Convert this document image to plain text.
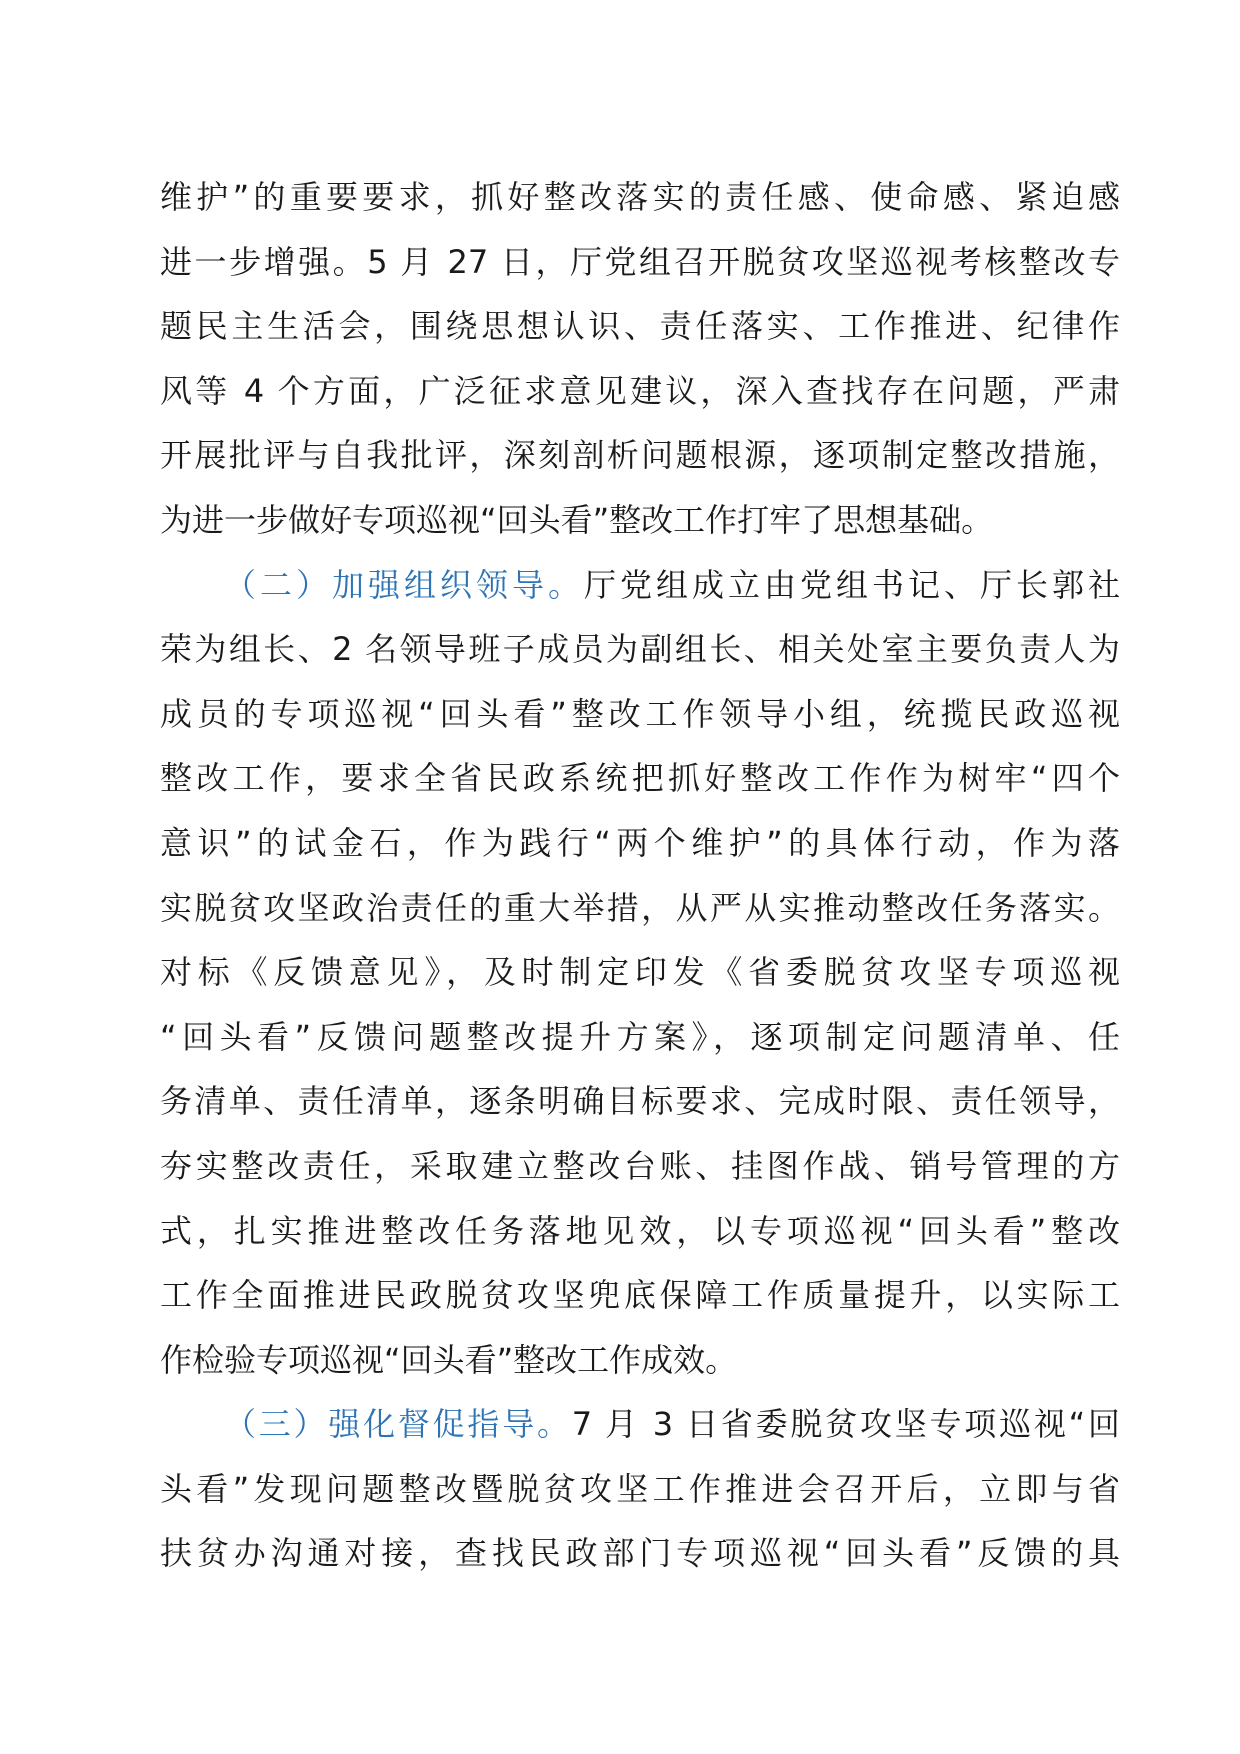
维护”的重要要求，抓好整改落实的责任感、使命感、紧迫感
进一步增强。5 月 27 日，厅党组召开脱贫攻坚巡视考核整改专
题民主生活会，围绕思想认识、责任落实、工作推进、纪律作
风等 4 个方面，广泛征求意见建议，深入查找存在问题，严肃
开展批评与自我批评，深刻剖析问题根源，逐项制定整改措施，
为进一步做好专项巡视“回头看”整改工作打牢了思想基础。
（二）加强组织领导。厅党组成立由党组书记、厅长郭社
荣为组长、2 名领导班子成员为副组长、相关处室主要负责人为
成员的专项巡视“回头看”整改工作领导小组，统揽民政巡视
整改工作，要求全省民政系统把抓好整改工作作为树牢“四个
意识”的试金石，作为践行“两个维护”的具体行动，作为落
实脱贫攻坚政治责任的重大举措，从严从实推动整改任务落实。
对标《反馈意见》，及时制定印发《省委脱贫攻坚专项巡视
“回头看”反馈问题整改提升方案》，逐项制定问题清单、任
务清单、责任清单，逐条明确目标要求、完成时限、责任领导，
夯实整改责任，采取建立整改台账、挂图作战、销号管理的方
式，扎实推进整改任务落地见效，以专项巡视“回头看”整改
工作全面推进民政脱贫攻坚兜底保障工作质量提升，以实际工
作检验专项巡视“回头看”整改工作成效。
（三）强化督促指导。7 月 3 日省委脱贫攻坚专项巡视“回
头看”发现问题整改暨脱贫攻坚工作推进会召开后，立即与省
扶贫办沟通对接，查找民政部门专项巡视“回头看”反馈的具
